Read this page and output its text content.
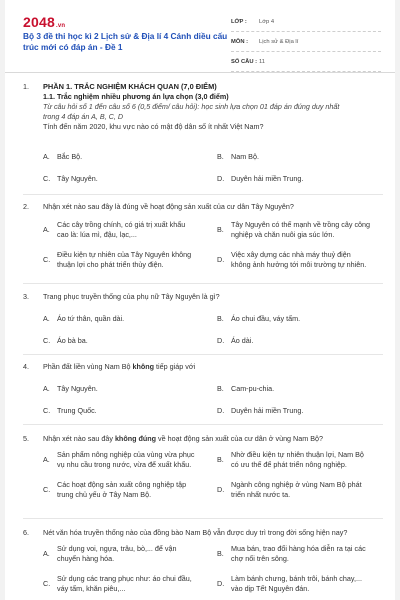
2048.vn
Bộ 3 đề thi học kì 2 Lịch sử & Địa lí 4 Cánh diều cấu trúc mới có đáp án - Đề 1
LỚP :	Lớp 4
MÔN :	Lịch sử & Địa lí
SỐ CÂU : 11
1. PHẦN 1. TRẮC NGHIỆM KHÁCH QUAN (7,0 ĐIỂM)
1.1. Trắc nghiệm nhiều phương án lựa chọn (3,0 điểm)
Từ câu hỏi số 1 đến câu số 6 (0,5 điểm/ câu hỏi): học sinh lựa chọn 01 đáp án đúng duy nhất trong 4 đáp án A, B, C, D
Tính đến năm 2020, khu vực nào có mật độ dân số ít nhất Việt Nam?
A. Bắc Bộ.	B. Nam Bộ.
C. Tây Nguyên.	D. Duyên hải miền Trung.
2. Nhận xét nào sau đây là đúng về hoạt động sản xuất của cư dân Tây Nguyên?
A.
Các cây trồng chính, có giá trị xuất khẩu cao là: lúa mì, đậu, lạc,...
B.
Tây Nguyên có thế mạnh về trồng cây công nghiệp và chăn nuôi gia súc lớn.
C.
Điều kiện tự nhiên của Tây Nguyên không thuận lợi cho phát triển thủy điện.
D.
Việc xây dựng các nhà máy thuỷ điện không ảnh hưởng tới môi trường tự nhiên.
3. Trang phục truyền thống của phụ nữ Tây Nguyên là gì?
A. Áo tứ thân, quần dài.	B. Áo chui đầu, váy tấm.
C. Áo bà ba.	D. Áo dài.
4. Phần đất liền vùng Nam Bộ không tiếp giáp với
A. Tây Nguyên.	B. Cam-pu-chia.
C. Trung Quốc.	D. Duyên hải miền Trung.
5. Nhận xét nào sau đây không đúng về hoạt động sản xuất của cư dân ở vùng Nam Bộ?
A.
Sản phẩm nông nghiệp của vùng vừa phục vụ nhu cầu trong nước, vừa để xuất khẩu.
B.
Nhờ điều kiện tự nhiên thuận lợi, Nam Bộ có ưu thế để phát triển nông nghiệp.
C.
Các hoạt động sản xuất công nghiệp tập trung chủ yếu ở Tây Nam Bộ.
D.
Ngành công nghiệp ở vùng Nam Bộ phát triển nhất nước ta.
6. Nét văn hóa truyền thống nào của đồng bào Nam Bộ vẫn được duy trì trong đời sống hiện nay?
A.
Sử dụng voi, ngựa, trâu, bò,... để vận chuyển hàng hóa.
B.
Mua bán, trao đổi hàng hóa diễn ra tại các chợ nổi trên sông.
C.
Sử dụng các trang phục như: áo chui đầu, váy tấm, khăn piêu,...
D.
Làm bánh chưng, bánh trôi, bánh chay,... vào dịp Tết Nguyên đán.
